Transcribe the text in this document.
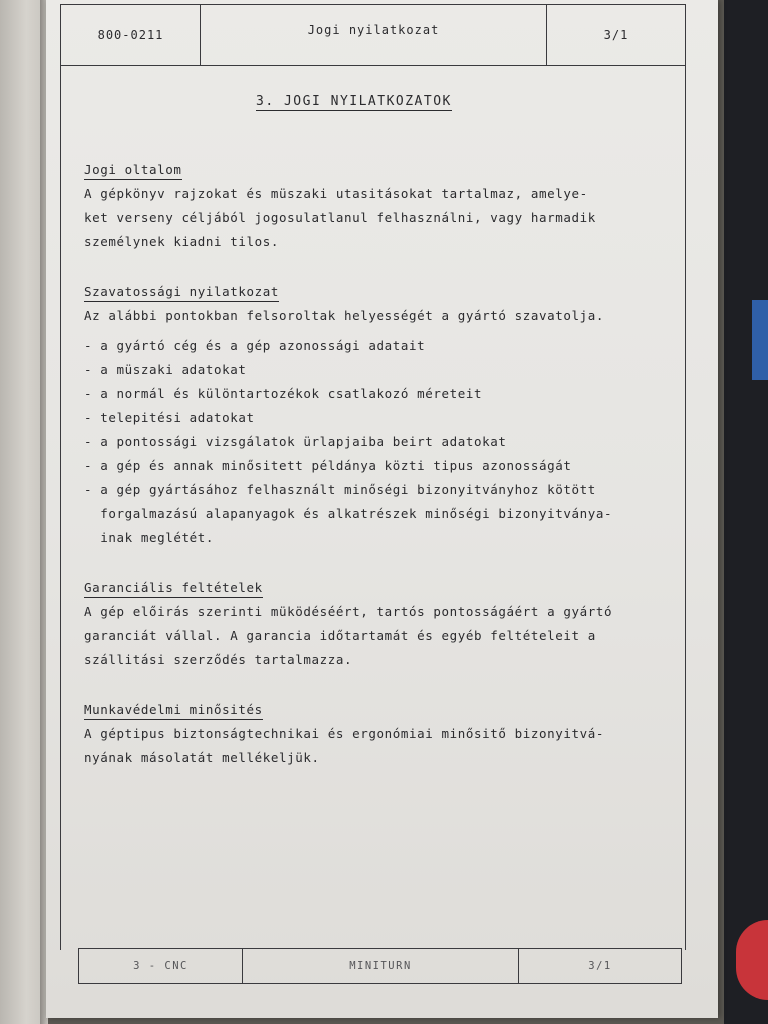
800-0211	Jogi nyilatkozat	3/1
3. JOGI NYILATKOZATOK
Jogi oltalom
A gépkönyv rajzokat és müszaki utasitásokat tartalmaz, amelye-
ket verseny céljából jogosulatlanul felhasználni, vagy harmadik
személynek kiadni tilos.
Szavatossági nyilatkozat
Az alábbi pontokban felsoroltak helyességét a gyártó szavatolja.
- a gyártó cég és a gép azonossági adatait
- a müszaki adatokat
- a normál és különtartozékok csatlakozó méreteit
- telepitési adatokat
- a pontossági vizsgálatok ürlapjaiba beirt adatokat
- a gép és annak minősitett példánya közti tipus azonosságát
- a gép gyártásához felhasznált minőségi bizonyitványhoz kötött
forgalmazású alapanyagok és alkatrészek minőségi bizonyitványa-
inak meglétét.
Garanciális feltételek
A gép előirás szerinti müködéséért, tartós pontosságáért a gyártó
garanciát vállal. A garancia időtartamát és egyéb feltételeit a
szállitási szerződés tartalmazza.
Munkavédelmi minősités
A géptipus biztonságtechnikai és ergonómiai minősitő bizonyitvá-
nyának másolatát mellékeljük.
3 - CNC	MINITURN	3/1
